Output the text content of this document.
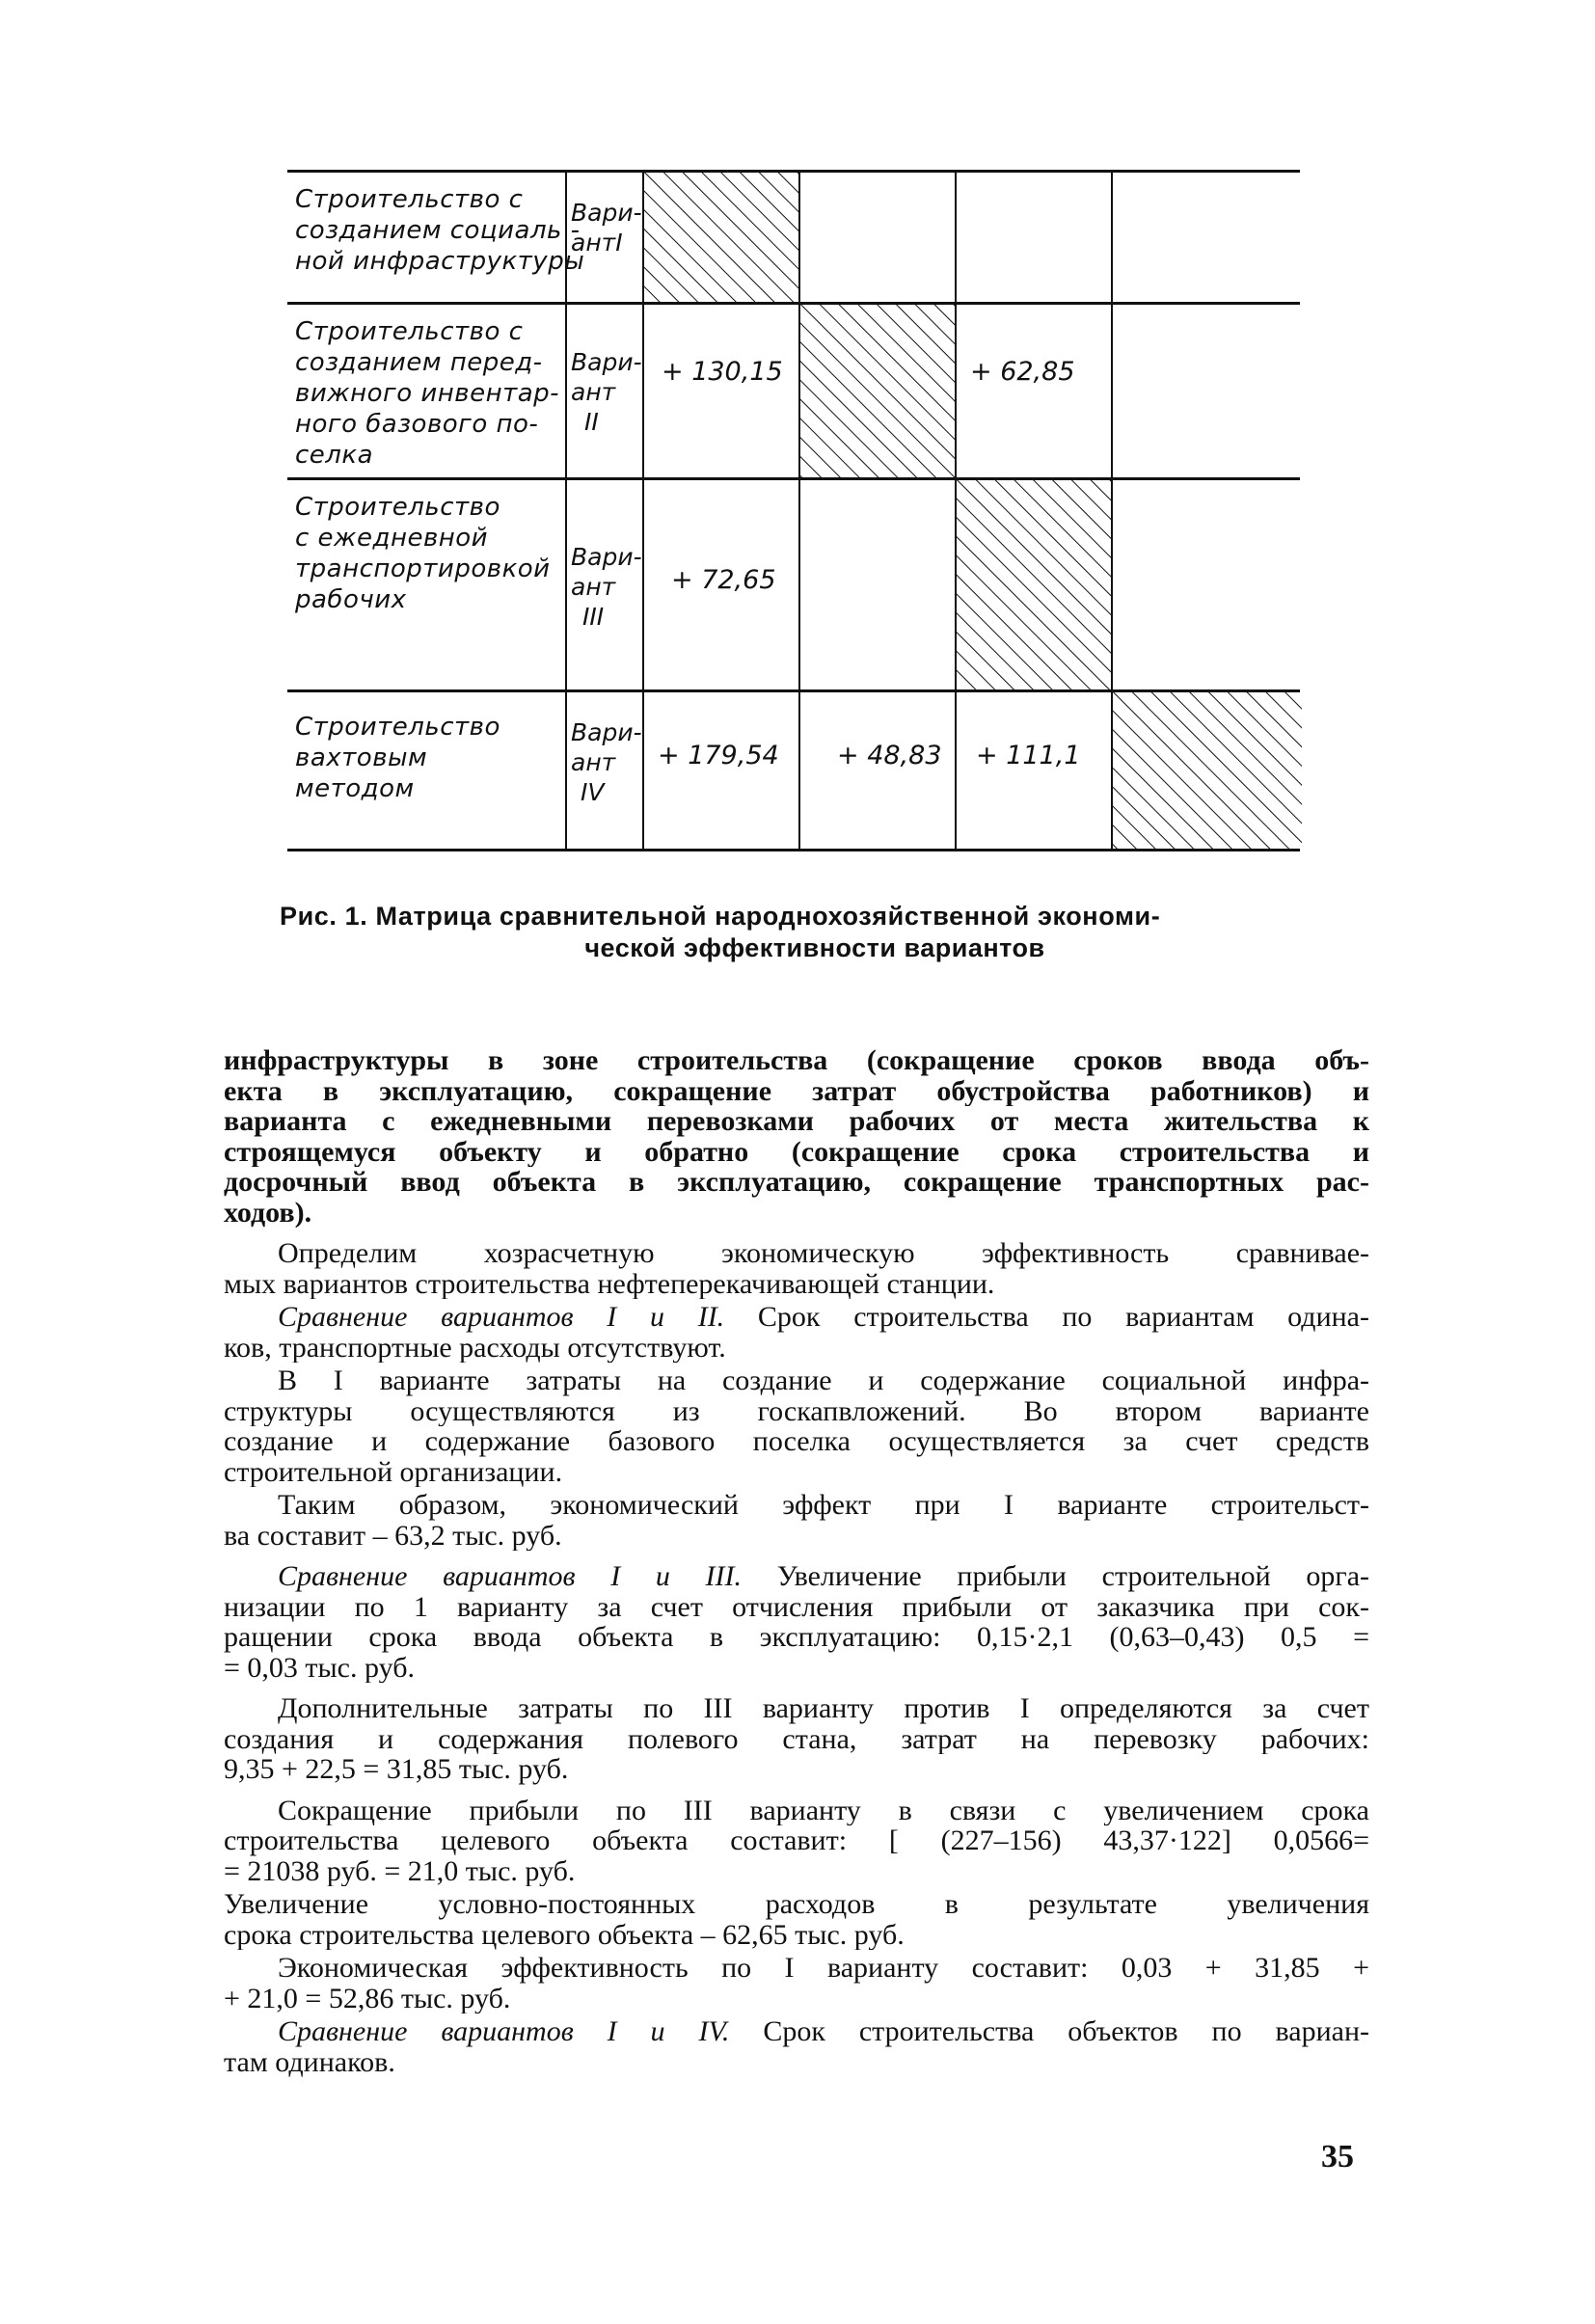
Строительство с
созданием социаль -
ной инфраструктуры
Вари-
антI
Строительство с
созданием перед-
вижного инвентар-
ного базового по-
селка
Вари-
ант
II
+ 130,15	+ 62,85
Строительство
с ежедневной
транспортировкой
рабочих
Вари-
ант
III
+ 72,65
Строительство
вахтовым
методом
Вари-
ант
IV
+ 179,54 + 48,83 + 111,1
Рис. 1. Матрица сравнительной народнохозяйственной экономи-
ческой эффективности вариантов
инфраструктуры в зоне строительства (сокращение сроков ввода объ-
екта в эксплуатацию, сокращение затрат обустройства работников) и
варианта с ежедневными перевозками рабочих от места жительства к
строящемуся объекту и обратно (сокращение срока строительства и
досрочный ввод объекта в эксплуатацию, сокращение транспортных рас-
ходов).
Определим хозрасчетную экономическую эффективность сравнивае-
мых вариантов строительства нефтеперекачивающей станции.
Сравнение вариантов I и II. Срок строительства по вариантам одина-
ков, транспортные расходы отсутствуют.
В I варианте затраты на создание и содержание социальной инфра-
структуры осуществляются из госкапвложений. Во втором варианте
создание и содержание базового поселка осуществляется за счет средств
строительной организации.
Таким образом, экономический эффект при I варианте строительст-
ва составит – 63,2 тыс. руб.
Сравнение вариантов I и III. Увеличение прибыли строительной орга-
низации по 1 варианту за счет отчисления прибыли от заказчика при сок-
ращении срока ввода объекта в эксплуатацию: 0,15·2,1 (0,63–0,43) 0,5 =
= 0,03 тыс. руб.
Дополнительные затраты по III варианту против I определяются за счет
создания и содержания полевого стана, затрат на перевозку рабочих:
9,35 + 22,5 = 31,85 тыс. руб.
Сокращение прибыли по III варианту в связи с увеличением срока
строительства целевого объекта составит: [ (227–156) 43,37·122] 0,0566=
= 21038 руб. = 21,0 тыс. руб.
Увеличение условно-постоянных расходов в результате увеличения
срока строительства целевого объекта – 62,65 тыс. руб.
Экономическая эффективность по I варианту составит: 0,03 + 31,85 +
+ 21,0 = 52,86 тыс. руб.
Сравнение вариантов I и IV. Срок строительства объектов по вариан-
там одинаков.
35
